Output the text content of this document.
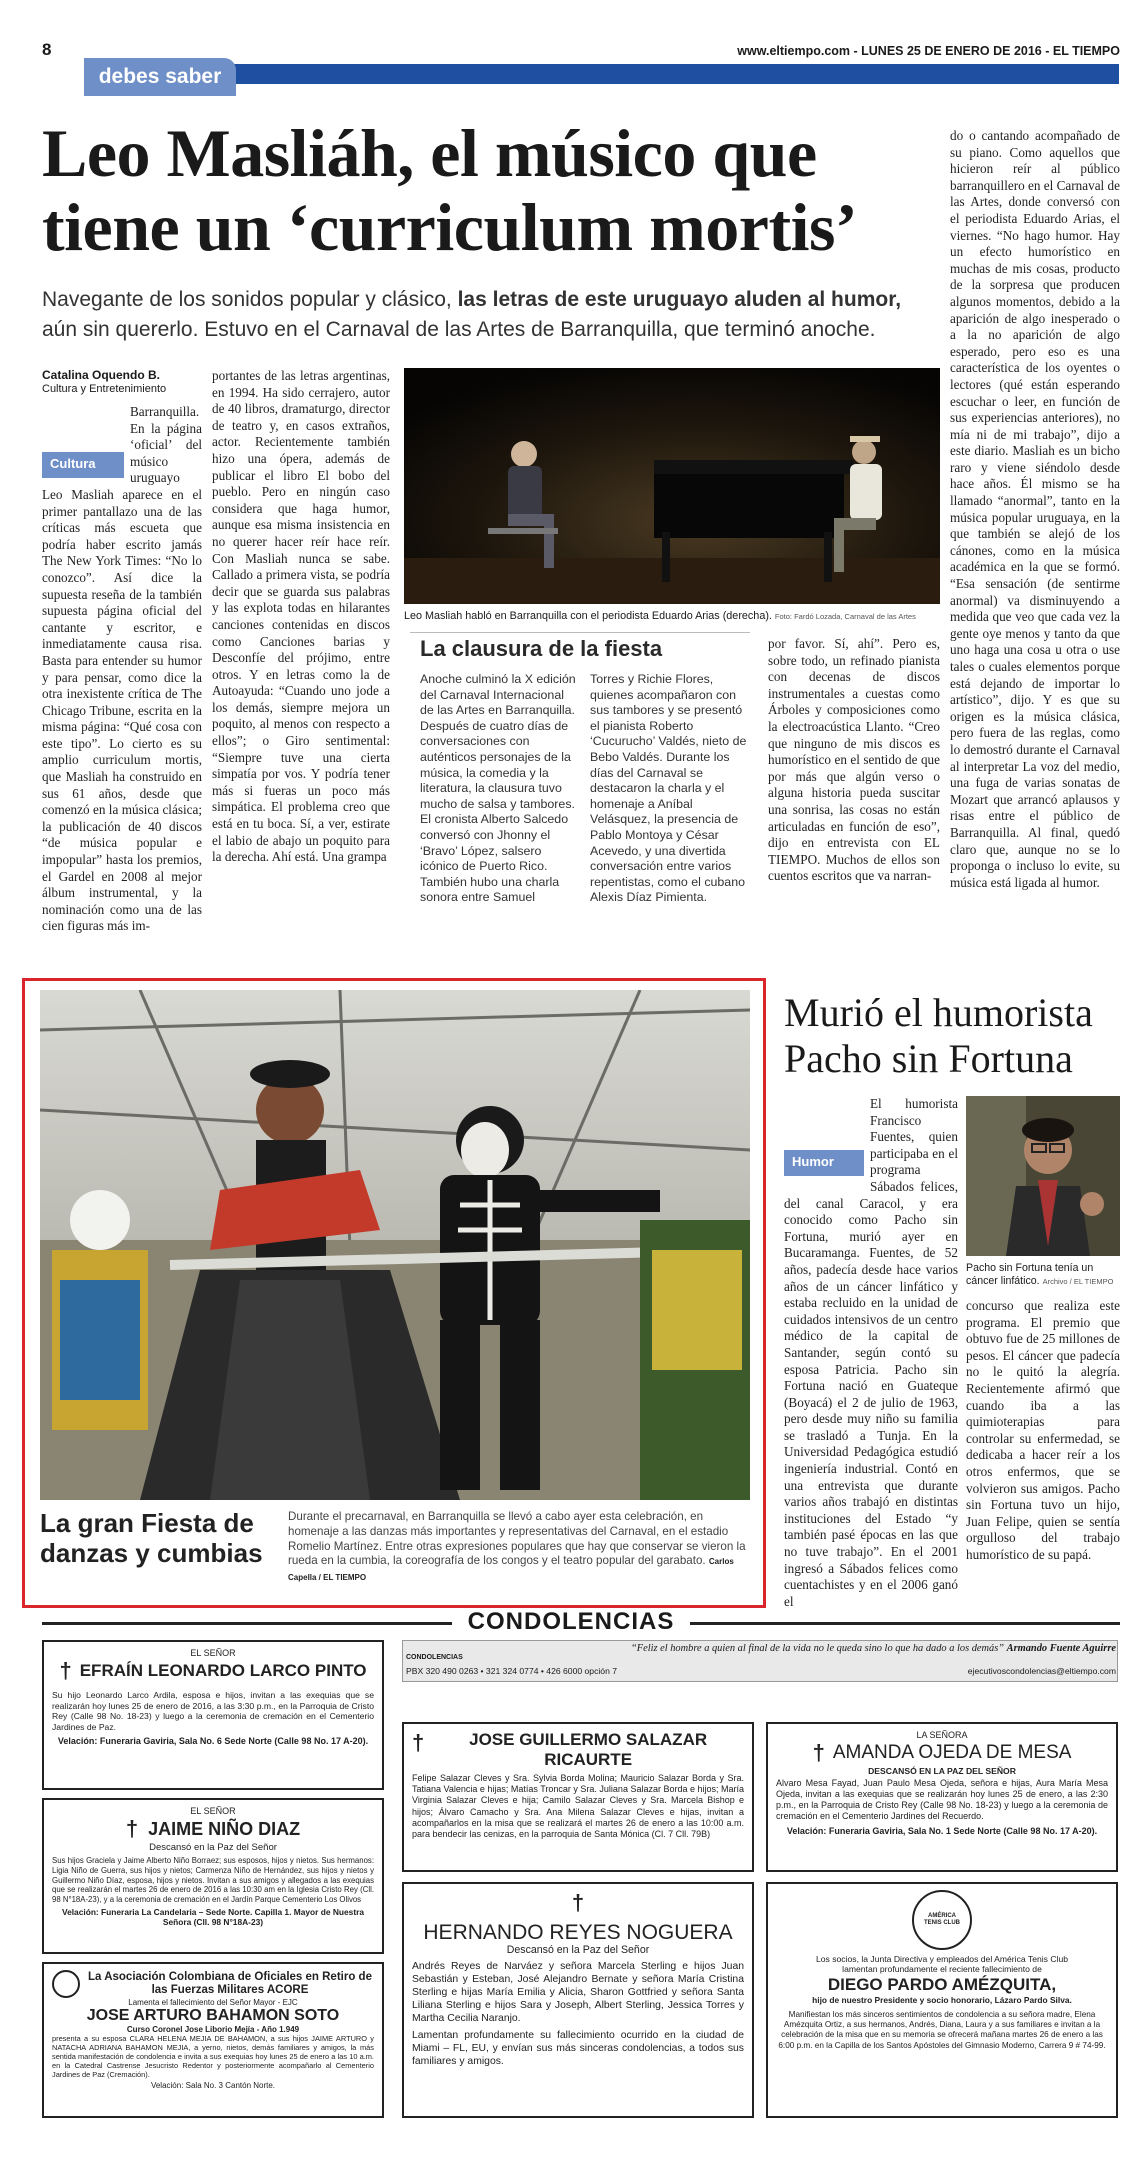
8
debes saber
www.eltiempo.com - LUNES 25 DE ENERO DE 2016 - EL TIEMPO
Leo Masliáh, el músico que tiene un ‘curriculum mortis’
Navegante de los sonidos popular y clásico, las letras de este uruguayo aluden al humor,
aún sin quererlo. Estuvo en el Carnaval de las Artes de Barranquilla, que terminó anoche.
Catalina Oquendo B.
Cultura y Entretenimiento
Cultura

Barranquilla. En la página ‘oficial’ del músico uruguayo Leo Masliah aparece en el primer pantallazo una de las críticas más escueta que podría haber escrito jamás The New York Times: “No lo conozco”. Así dice la supuesta reseña de la también supuesta página oficial del cantante y escritor, e inmediatamente causa risa. Basta para entender su humor y para pensar, como dice la otra inexistente crítica de The Chicago Tribune, escrita en la misma página: “Qué cosa con este tipo”. Lo cierto es su amplio curriculum mortis, que Masliah ha construido en sus 61 años, desde que comenzó en la música clásica; la publicación de 40 discos “de música popular e impopular” hasta los premios, el Gardel en 2008 al mejor álbum instrumental, y la nominación como una de las cien figuras más im-

portantes de las letras argentinas, en 1994. Ha sido cerrajero, autor de 40 libros, dramaturgo, director de teatro y, en casos extraños, actor. Recientemente también hizo una ópera, además de publicar el libro El bobo del pueblo. Pero en ningún caso considera que haga humor, aunque esa misma insistencia en no querer hacer reír hace reír. Con Masliah nunca se sabe. Callado a primera vista, se podría decir que se guarda sus palabras y las explota todas en hilarantes canciones contenidas en discos como Canciones barias y Desconfíe del prójimo, entre otros. Y en letras como la de Autoayuda: “Cuando uno jode a los demás, siempre mejora un poquito, al menos con respecto a ellos”; o Giro sentimental: “Siempre tuve una cierta simpatía por vos. Y podría tener más si fueras un poco más simpática. El problema creo que está en tu boca. Sí, a ver, estirate el labio de abajo un poquito para la derecha. Ahí está. Una grampa

Leo Masliah habló en Barranquilla con el periodista Eduardo Arias (derecha). Foto: Fardó Lozada, Carnaval de las Artes
La clausura de la fiesta

Anoche culminó la X edición del Carnaval Internacional de las Artes en Barranquilla. Después de cuatro días de conversaciones con auténticos personajes de la música, la comedia y la literatura, la clausura tuvo mucho de salsa y tambores. El cronista Alberto Salcedo conversó con Jhonny el ‘Bravo’ López, salsero icónico de Puerto Rico. También hubo una charla sonora entre Samuel

Torres y Richie Flores, quienes acompañaron con sus tambores y se presentó el pianista Roberto ‘Cucurucho’ Valdés, nieto de Bebo Valdés. Durante los días del Carnaval se destacaron la charla y el homenaje a Aníbal Velásquez, la presencia de Pablo Montoya y César Acevedo, y una divertida conversación entre varios repentistas, como el cubano Alexis Díaz Pimienta.

por favor. Sí, ahí”. Pero es, sobre todo, un refinado pianista con decenas de discos instrumentales a cuestas como Árboles y composiciones como la electroacústica Llanto. “Creo que ninguno de mis discos es humorístico en el sentido de que por más que algún verso o alguna historia pueda suscitar una sonrisa, las cosas no están articuladas en función de eso”, dijo en entrevista con EL TIEMPO. Muchos de ellos son cuentos escritos que va narran-

do o cantando acompañado de su piano. Como aquellos que hicieron reír al público barranquillero en el Carnaval de las Artes, donde conversó con el periodista Eduardo Arias, el viernes. “No hago humor. Hay un efecto humorístico en muchas de mis cosas, producto de la sorpresa que producen algunos momentos, debido a la aparición de algo inesperado o a la no aparición de algo esperado, pero eso es una característica de los oyentes o lectores (qué están esperando escuchar o leer, en función de sus experiencias anteriores), no mía ni de mi trabajo”, dijo a este diario. Masliah es un bicho raro y viene siéndolo desde hace años. Él mismo se ha llamado “anormal”, tanto en la música popular uruguaya, en la que también se alejó de los cánones, como en la música académica en la que se formó. “Esa sensación (de sentirme anormal) va disminuyendo a medida que veo que cada vez la gente oye menos y tanto da que uno haga una cosa u otra o use tales o cuales elementos porque está dejando de importar lo artístico”, dijo. Y es que su origen es la música clásica, pero fuera de las reglas, como lo demostró durante el Carnaval al interpretar La voz del medio, una fuga de varias sonatas de Mozart que arrancó aplausos y risas entre el público de Barranquilla. Al final, quedó claro que, aunque no se lo proponga o incluso lo evite, su música está ligada al humor.

La gran Fiesta de danzas y cumbias
Durante el precarnaval, en Barranquilla se llevó a cabo ayer esta celebración, en homenaje a las danzas más importantes y representativas del Carnaval, en el estadio Romelio Martínez. Entre otras expresiones populares que hay que conservar se vieron la rueda en la cumbia, la coreografía de los congos y el teatro popular del garabato. Carlos Capella / EL TIEMPO
Murió el humorista Pacho sin Fortuna
Humor

El humorista Francisco Fuentes, quien participaba en el programa Sábados felices, del canal Caracol, y era conocido como Pacho sin Fortuna, murió ayer en Bucaramanga. Fuentes, de 52 años, padecía desde hace varios años de un cáncer linfático y estaba recluido en la unidad de cuidados intensivos de un centro médico de la capital de Santander, según contó su esposa Patricia. Pacho sin Fortuna nació en Guateque (Boyacá) el 2 de julio de 1963, pero desde muy niño su familia se trasladó a Tunja. En la Universidad Pedagógica estudió ingeniería industrial. Contó en una entrevista que durante varios años trabajó en distintas instituciones del Estado “y también pasé épocas en las que no tuve trabajo”. En el 2001 ingresó a Sábados felices como cuentachistes y en el 2006 ganó el

Pacho sin Fortuna tenía un cáncer linfático. Archivo / EL TIEMPO

concurso que realiza este programa. El premio que obtuvo fue de 25 millones de pesos. El cáncer que padecía no le quitó la alegría. Recientemente afirmó que cuando iba a las quimioterapias para controlar su enfermedad, se dedicaba a hacer reír a los otros enfermos, que se volvieron sus amigos. Pacho sin Fortuna tuvo un hijo, Juan Felipe, quien se sentía orgulloso del trabajo humorístico de su papá.

CONDOLENCIAS
EL SEÑOR
† EFRAÍN LEONARDO LARCO PINTO

Su hijo Leonardo Larco Ardila, esposa e hijos, invitan a las exequias que se realizarán hoy lunes 25 de enero de 2016, a las 3:30 p.m., en la Parroquia de Cristo Rey (Calle 98 No. 18-23) y luego a la ceremonia de cremación en el Cementerio Jardines de Paz.

Velación: Funeraria Gaviria, Sala No. 6 Sede Norte (Calle 98 No. 17 A-20).
EL SEÑOR
† JAIME NIÑO DIAZ
Descansó en la Paz del Señor

Sus hijos Graciela y Jaime Alberto Niño Borraez; sus esposos, hijos y nietos. Sus hermanos: Ligia Niño de Guerra, sus hijos y nietos; Carmenza Niño de Hernández, sus hijos y nietos y Guillermo Niño Díaz, esposa, hijos y nietos. Invitan a sus amigos y allegados a las exequias que se realizarán el martes 26 de enero de 2016 a las 10:30 am en la Iglesia Cristo Rey (Cll. 98 N°18A-23), y a la ceremonia de cremación en el Jardín Parque Cementerio Los Olivos

Velación: Funeraria La Candelaria – Sede Norte. Capilla 1. Mayor de Nuestra Señora (Cll. 98 N°18A-23)
La Asociación Colombiana de Oficiales en Retiro de las Fuerzas Militares ACORE
Lamenta el fallecimiento del Señor Mayor - EJC
JOSE ARTURO BAHAMON SOTO
Curso Coronel Jose Liborio Mejía - Año 1.949

presenta a su esposa CLARA HELENA MEJIA DE BAHAMON, a sus hijos JAIME ARTURO y NATACHA ADRIANA BAHAMON MEJIA, a yerno, nietos, demás familiares y amigos, la más sentida manifestación de condolencia e invita a sus exequias hoy lunes 25 de enero a las 10 a.m. en la Catedral Castrense Jesucristo Redentor y posteriormente acompañarlo al Cementerio Jardines de Paz (Cremación).

Velación: Sala No. 3 Cantón Norte.
“Feliz el hombre a quien al final de la vida no le queda sino lo que ha dado a los demás” Armando Fuente Aguirre
CONDOLENCIAS
PBX 320 490 0263 • 321 324 0774 • 426 6000 opción 7	ejecutivoscondolencias@eltiempo.com
†	JOSE GUILLERMO SALAZAR RICAURTE

Felipe Salazar Cleves y Sra. Sylvia Borda Molina; Mauricio Salazar Borda y Sra. Tatiana Valencia e hijas; Matías Troncar y Sra. Juliana Salazar Borda e hijos; María Virginia Salazar Cleves e hija; Camilo Salazar Cleves y Sra. Marcela Bishop e hijos; Álvaro Camacho y Sra. Ana Milena Salazar Cleves e hijas, invitan a acompañarlos en la misa que se realizará el martes 26 de enero a las 10:00 a.m. para bendecir las cenizas, en la parroquia de Santa Mónica (Cl. 7 Cll. 79B)

†
HERNANDO REYES NOGUERA
Descansó en la Paz del Señor

Andrés Reyes de Narváez y señora Marcela Sterling e hijos Juan Sebastián y Esteban, José Alejandro Bernate y señora María Cristina Sterling e hijas María Emilia y Alicia, Sharon Gottfried y señora Santa Liliana Sterling e hijos Sara y Joseph, Albert Sterling, Jessica Torres y Martha Cecilia Naranjo.

Lamentan profundamente su fallecimiento ocurrido en la ciudad de Miami – FL, EU, y envían sus más sinceras condolencias, a todos sus familiares y amigos.

LA SEÑORA
† AMANDA OJEDA DE MESA
DESCANSÓ EN LA PAZ DEL SEÑOR

Alvaro Mesa Fayad, Juan Paulo Mesa Ojeda, señora e hijas, Aura María Mesa Ojeda, invitan a las exequias que se realizarán hoy lunes 25 de enero, a las 2:30 p.m., en la Parroquia de Cristo Rey (Calle 98 No. 18-23) y luego a la ceremonia de cremación en el Cementerio Jardines del Recuerdo.

Velación: Funeraria Gaviria, Sala No. 1 Sede Norte (Calle 98 No. 17 A-20).
AMÉRICA TENIS CLUB
Los socios, la Junta Directiva y empleados del América Tenis Club
lamentan profundamente el reciente fallecimiento de
DIEGO PARDO AMÉZQUITA,
hijo de nuestro Presidente y socio honorario, Lázaro Pardo Silva.

Manifiestan los más sinceros sentimientos de condolencia a su señora madre, Elena Amézquita Ortiz, a sus hermanos, Andrés, Diana, Laura y a sus familiares e invitan a la celebración de la misa que en su memoria se ofrecerá mañana martes 26 de enero a las 6:00 p.m. en la Capilla de los Santos Apóstoles del Gimnasio Moderno, Carrera 9 # 74-99.
